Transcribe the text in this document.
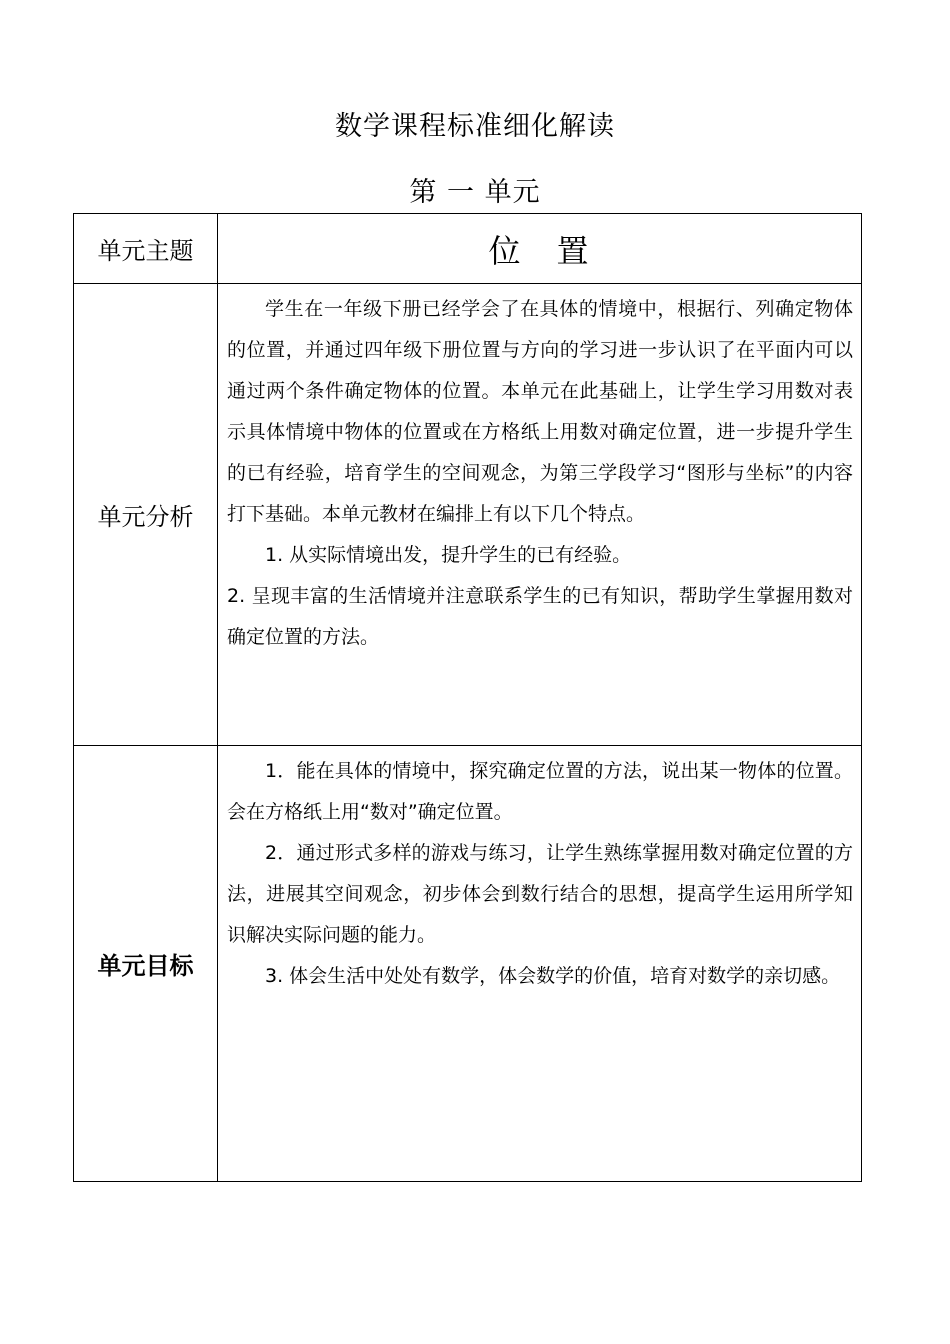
数学课程标准细化解读
第 一 单元
单元主题	位　置
单元分析	学生在一年级下册已经学会了在具体的情境中，根据行、列确定物体的位置，并通过四年级下册位置与方向的学习进一步认识了在平面内可以通过两个条件确定物体的位置。本单元在此基础上，让学生学习用数对表示具体情境中物体的位置或在方格纸上用数对确定位置，进一步提升学生的已有经验，培育学生的空间观念，为第三学段学习“图形与坐标”的内容打下基础。本单元教材在编排上有以下几个特点。

1. 从实际情境出发，提升学生的已有经验。

2. 呈现丰富的生活情境并注意联系学生的已有知识，帮助学生掌握用数对确定位置的方法。

单元目标	1．能在具体的情境中，探究确定位置的方法，说出某一物体的位置。会在方格纸上用“数对”确定位置。

2．通过形式多样的游戏与练习，让学生熟练掌握用数对确定位置的方法，进展其空间观念，初步体会到数行结合的思想，提高学生运用所学知识解决实际问题的能力。

3. 体会生活中处处有数学，体会数学的价值，培育对数学的亲切感。
